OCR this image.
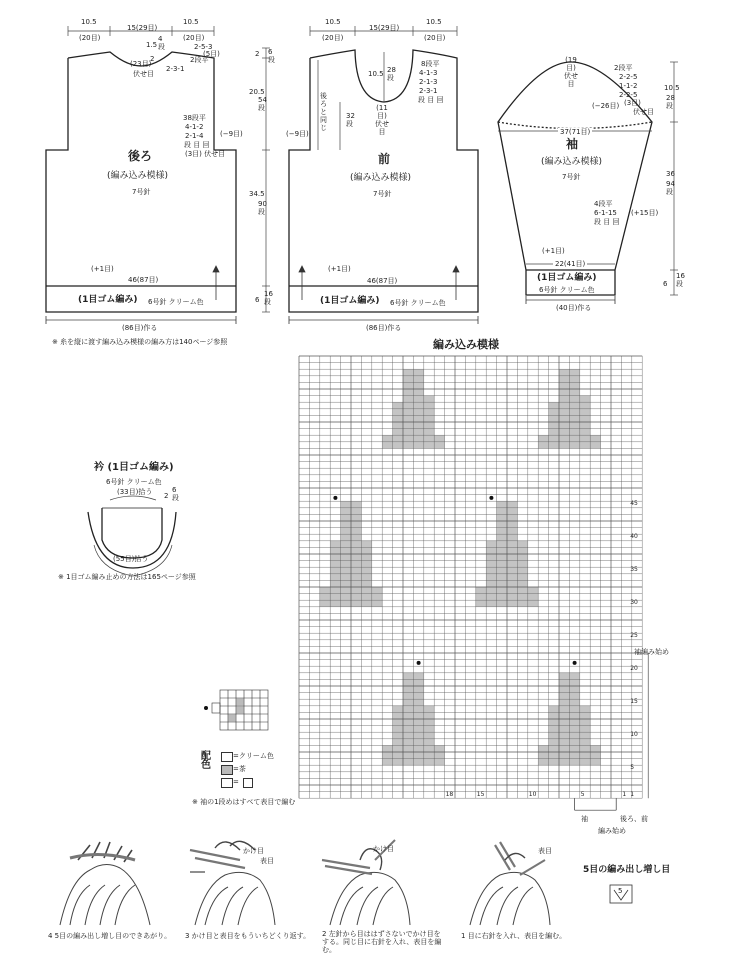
10.5
15(29目)
10.5
(20目)	(20目)
1.5
4 段
2
(23目)
伏せ目
2-5-3
2段平
2-3-1
(5目)
38段平
4-1-2
2-1-4
段 目 回
(3目) 伏せ目
(−9目)
後ろ
(編み込み模様)
7号針
2 6段
20.5
54段
34.5
90段
6
16段
(+1目)
46(87目)
(1目ゴム編み) 6号針 クリーム色
(86目)作る
※ 糸を縦に渡す編み込み模様の編み方は140ページ参照
10.5
15(29目)
10.5
(20目)	(20目)
8段平
4-1-3
2-1-3
2-3-1
段 目 回
10.5 28段
32段
(11目) 伏せ目
後ろと同じ
(−9目)
前
(編み込み模様)
7号針
(+1目)
46(87目)
(1目ゴム編み) 6号針 クリーム色
(86目)作る
(19目) 伏せ目
2段平
2-2-5
1-1-2
2-2-5
(3目)
伏せ目
(−26目)
37(71目)
袖
(編み込み模様)
7号針
10.5
28段
36
94段
6
16段
4段平
6-1-15
段 目 回
(+15目)
(+1目)
22(41目)
(1目ゴム編み)
6号針 クリーム色
(40目)作る
衿 (1目ゴム編み)
6号針 クリーム色
(33目)拾う 2
6段
(55目)拾う
※ 1目ゴム編み止めの方法は165ページ参照
編み込み模様
45
40
35
30
25
20
15
10
5
1
18	15	10	5	1
袖編み始め
袖	後ろ、前
編み始め
※ 袖の1段めはすべて表目で編む
配色
=クリーム色
=茶
=
5目の編み出し増し目
5
かけ目
表目
かけ目	表目
4 5目の編み出し増し目のできあがり。 3 かけ目と表目をもういちどくり返す。 2 左針から目ははずさないでかけ目をする。同じ目に右針を入れ、表目を編む。
1 目に右針を入れ、表目を編む。
